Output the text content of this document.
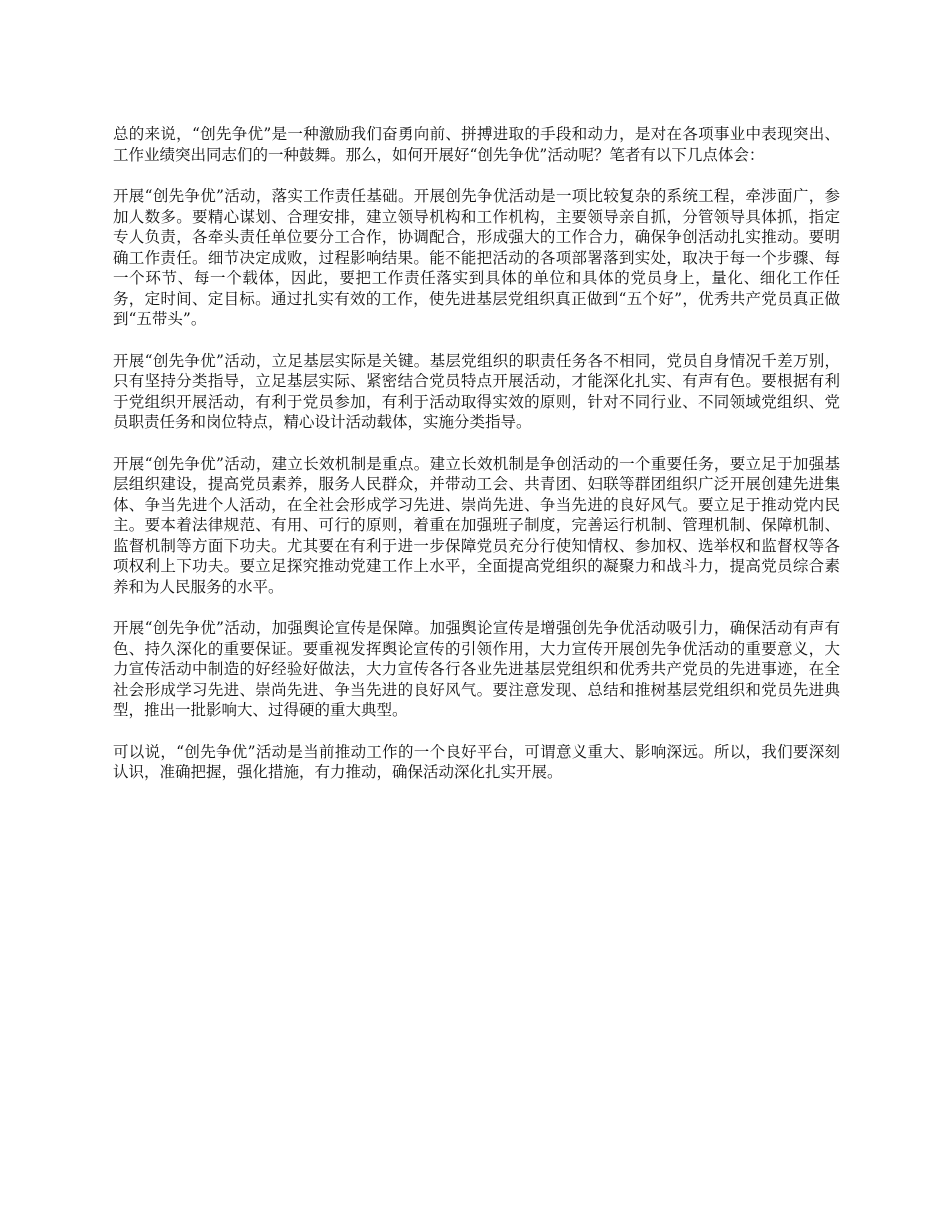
总的来说，“创先争优”是一种激励我们奋勇向前、拼搏进取的手段和动力，是对在各项事业中表现突出、工作业绩突出同志们的一种鼓舞。那么，如何开展好“创先争优”活动呢？笔者有以下几点体会：

开展“创先争优”活动，落实工作责任基础。开展创先争优活动是一项比较复杂的系统工程，牵涉面广，参加人数多。要精心谋划、合理安排，建立领导机构和工作机构，主要领导亲自抓，分管领导具体抓，指定专人负责，各牵头责任单位要分工合作，协调配合，形成强大的工作合力，确保争创活动扎实推动。要明确工作责任。细节决定成败，过程影响结果。能不能把活动的各项部署落到实处，取决于每一个步骤、每一个环节、每一个载体，因此，要把工作责任落实到具体的单位和具体的党员身上，量化、细化工作任务，定时间、定目标。通过扎实有效的工作，使先进基层党组织真正做到“五个好”，优秀共产党员真正做到“五带头”。

开展“创先争优”活动，立足基层实际是关键。基层党组织的职责任务各不相同，党员自身情况千差万别，只有坚持分类指导，立足基层实际、紧密结合党员特点开展活动，才能深化扎实、有声有色。要根据有利于党组织开展活动，有利于党员参加，有利于活动取得实效的原则，针对不同行业、不同领域党组织、党员职责任务和岗位特点，精心设计活动载体，实施分类指导。

开展“创先争优”活动，建立长效机制是重点。建立长效机制是争创活动的一个重要任务，要立足于加强基层组织建设，提高党员素养，服务人民群众，并带动工会、共青团、妇联等群团组织广泛开展创建先进集体、争当先进个人活动，在全社会形成学习先进、崇尚先进、争当先进的良好风气。要立足于推动党内民主。要本着法律规范、有用、可行的原则，着重在加强班子制度，完善运行机制、管理机制、保障机制、监督机制等方面下功夫。尤其要在有利于进一步保障党员充分行使知情权、参加权、选举权和监督权等各项权利上下功夫。要立足探究推动党建工作上水平，全面提高党组织的凝聚力和战斗力，提高党员综合素养和为人民服务的水平。

开展“创先争优”活动，加强舆论宣传是保障。加强舆论宣传是增强创先争优活动吸引力，确保活动有声有色、持久深化的重要保证。要重视发挥舆论宣传的引领作用，大力宣传开展创先争优活动的重要意义，大力宣传活动中制造的好经验好做法，大力宣传各行各业先进基层党组织和优秀共产党员的先进事迹，在全社会形成学习先进、崇尚先进、争当先进的良好风气。要注意发现、总结和推树基层党组织和党员先进典型，推出一批影响大、过得硬的重大典型。

可以说，“创先争优”活动是当前推动工作的一个良好平台，可谓意义重大、影响深远。所以，我们要深刻认识，准确把握，强化措施，有力推动，确保活动深化扎实开展。
